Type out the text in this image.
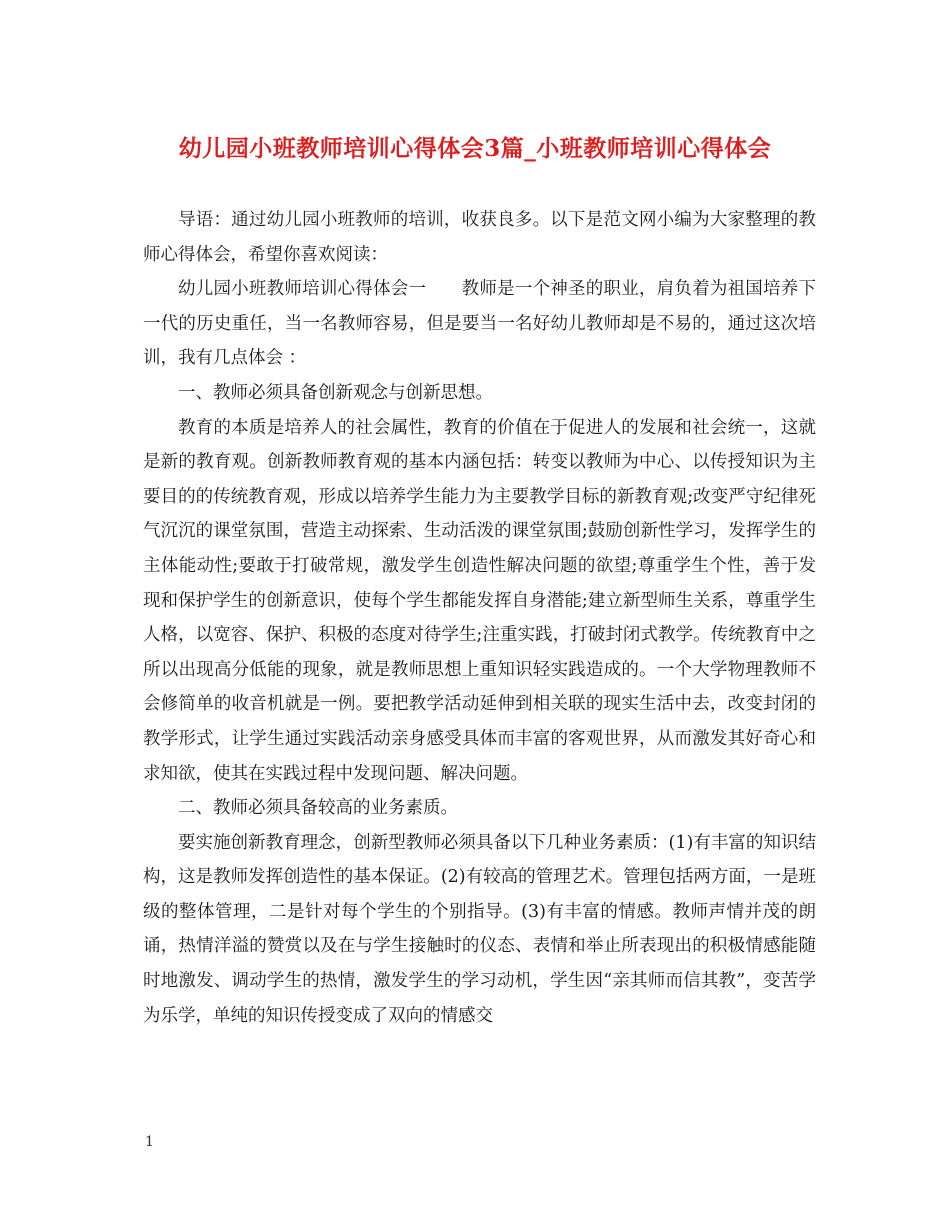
幼儿园小班教师培训心得体会3篇_小班教师培训心得体会

导语：通过幼儿园小班教师的培训，收获良多。以下是范文网小编为大家整理的教师心得体会，希望你喜欢阅读：

幼儿园小班教师培训心得体会一　　教师是一个神圣的职业，肩负着为祖国培养下一代的历史重任，当一名教师容易，但是要当一名好幼儿教师却是不易的，通过这次培训，我有几点体会 ：

一、教师必须具备创新观念与创新思想。

教育的本质是培养人的社会属性，教育的价值在于促进人的发展和社会统一，这就是新的教育观。创新教师教育观的基本内涵包括：转变以教师为中心、以传授知识为主要目的的传统教育观，形成以培养学生能力为主要教学目标的新教育观;改变严守纪律死气沉沉的课堂氛围，营造主动探索、生动活泼的课堂氛围;鼓励创新性学习，发挥学生的主体能动性;要敢于打破常规，激发学生创造性解决问题的欲望;尊重学生个性，善于发现和保护学生的创新意识，使每个学生都能发挥自身潜能;建立新型师生关系，尊重学生人格，以宽容、保护、积极的态度对待学生;注重实践，打破封闭式教学。传统教育中之所以出现高分低能的现象，就是教师思想上重知识轻实践造成的。一个大学物理教师不会修简单的收音机就是一例。要把教学活动延伸到相关联的现实生活中去，改变封闭的教学形式，让学生通过实践活动亲身感受具体而丰富的客观世界，从而激发其好奇心和求知欲，使其在实践过程中发现问题、解决问题。

二、教师必须具备较高的业务素质。

要实施创新教育理念，创新型教师必须具备以下几种业务素质：(1)有丰富的知识结构，这是教师发挥创造性的基本保证。(2)有较高的管理艺术。管理包括两方面，一是班级的整体管理，二是针对每个学生的个别指导。(3)有丰富的情感。教师声情并茂的朗诵，热情洋溢的赞赏以及在与学生接触时的仪态、表情和举止所表现出的积极情感能随时地激发、调动学生的热情，激发学生的学习动机，学生因“亲其师而信其教”，变苦学为乐学，单纯的知识传授变成了双向的情感交

1
